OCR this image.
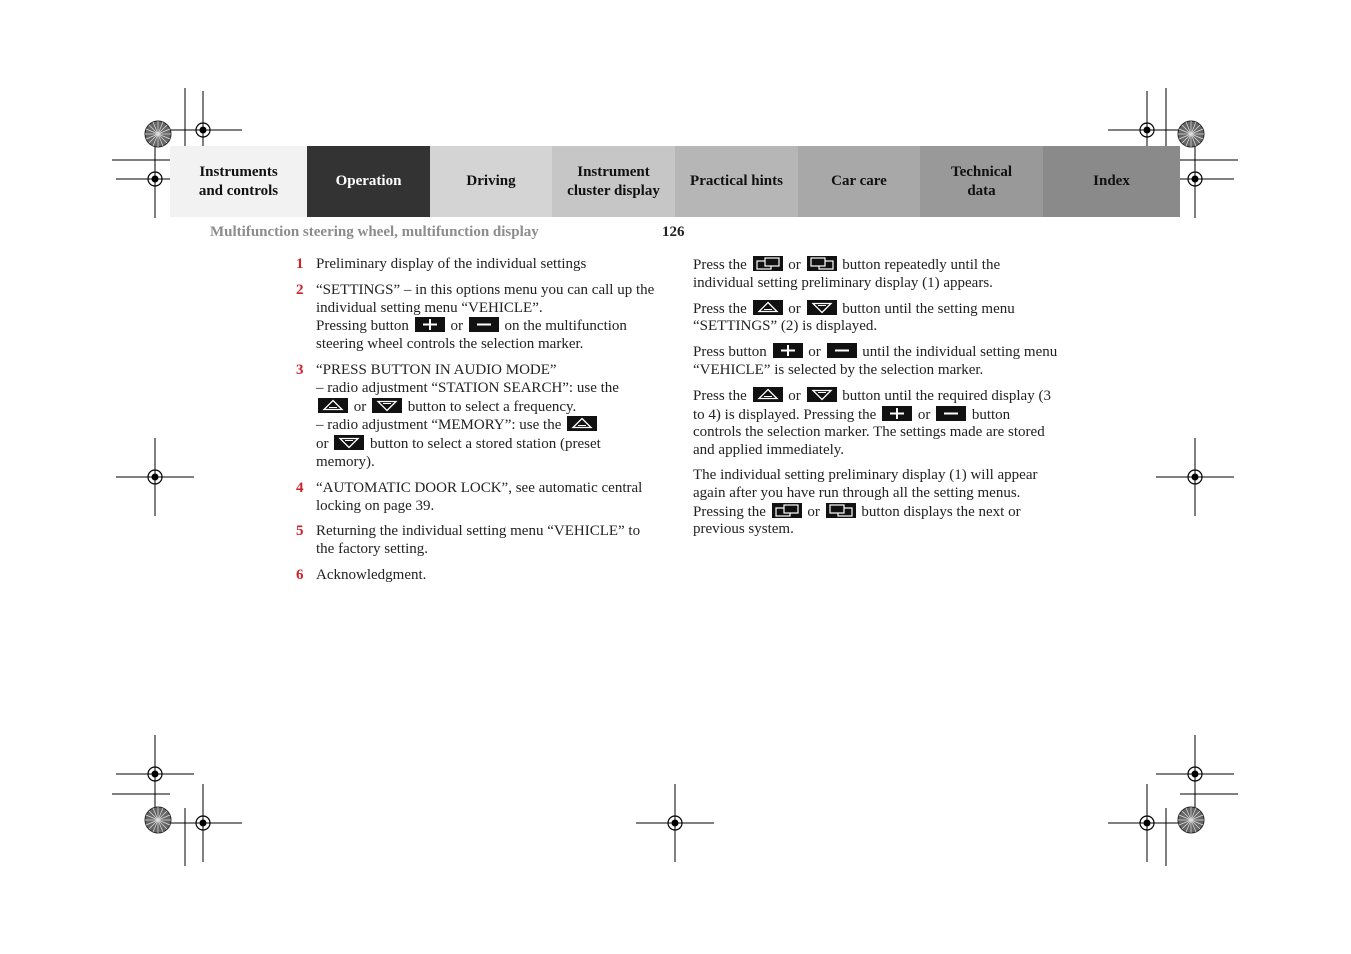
Instruments
and controls
Operation	Driving
Instrument
cluster display
Practical hints	Car care
Technical
data
Index
Multifunction steering wheel, multifunction display	126
1 Preliminary display of the individual settings
2 “SETTINGS” – in this options menu you can call up the individual setting menu “VEHICLE”.
Pressing button
or
on the multifunction steering wheel controls the selection marker.
3 “PRESS BUTTON IN AUDIO MODE”
– radio adjustment “STATION SEARCH”: use the
or
button to select a frequency.
– radio adjustment “MEMORY”: use the

or
button to select a stored station (preset memory).
4 “AUTOMATIC DOOR LOCK”, see automatic central locking on page 39.
5 Returning the individual setting menu “VEHICLE” to the factory setting.
6 Acknowledgment.
Press the
or
button repeatedly until the individual setting preliminary display (1) appears.
Press the
or
button until the setting menu “SETTINGS” (2) is displayed.
Press button
or
until the individual setting menu “VEHICLE” is selected by the selection marker.
Press the
or
button until the required display (3 to 4) is displayed. Pressing the
or
button controls the selection marker. The settings made are stored and applied immediately.
The individual setting preliminary display (1) will appear again after you have run through all the setting menus. Pressing the
or
button displays the next or previous system.
